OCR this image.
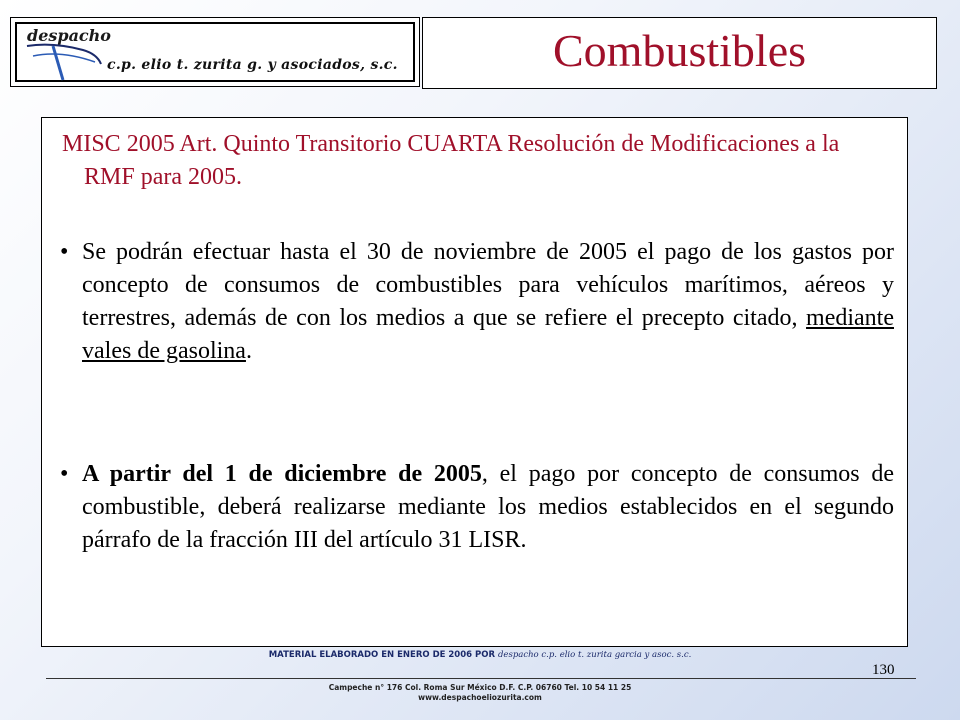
despacho
c.p. elio t. zurita g. y asociados, s.c.	Combustibles
MISC 2005 Art. Quinto Transitorio CUARTA Resolución de Modificaciones a la RMF para 2005.
• Se podrán efectuar hasta el 30 de noviembre de 2005 el pago de los gastos por concepto de consumos de combustibles para vehículos marítimos, aéreos y terrestres, además de con los medios a que se refiere el precepto citado, mediante vales de gasolina.
• A partir del 1 de diciembre de 2005, el pago por concepto de consumos de combustible, deberá realizarse mediante los medios establecidos en el segundo párrafo de la fracción III del artículo 31 LISR.
MATERIAL ELABORADO EN ENERO DE 2006 POR despacho c.p. elio t. zurita garcia y asoc. s.c.
130
Campeche n° 176 Col. Roma Sur México D.F. C.P. 06760 Tel. 10 54 11 25
www.despachoeliozurita.com
